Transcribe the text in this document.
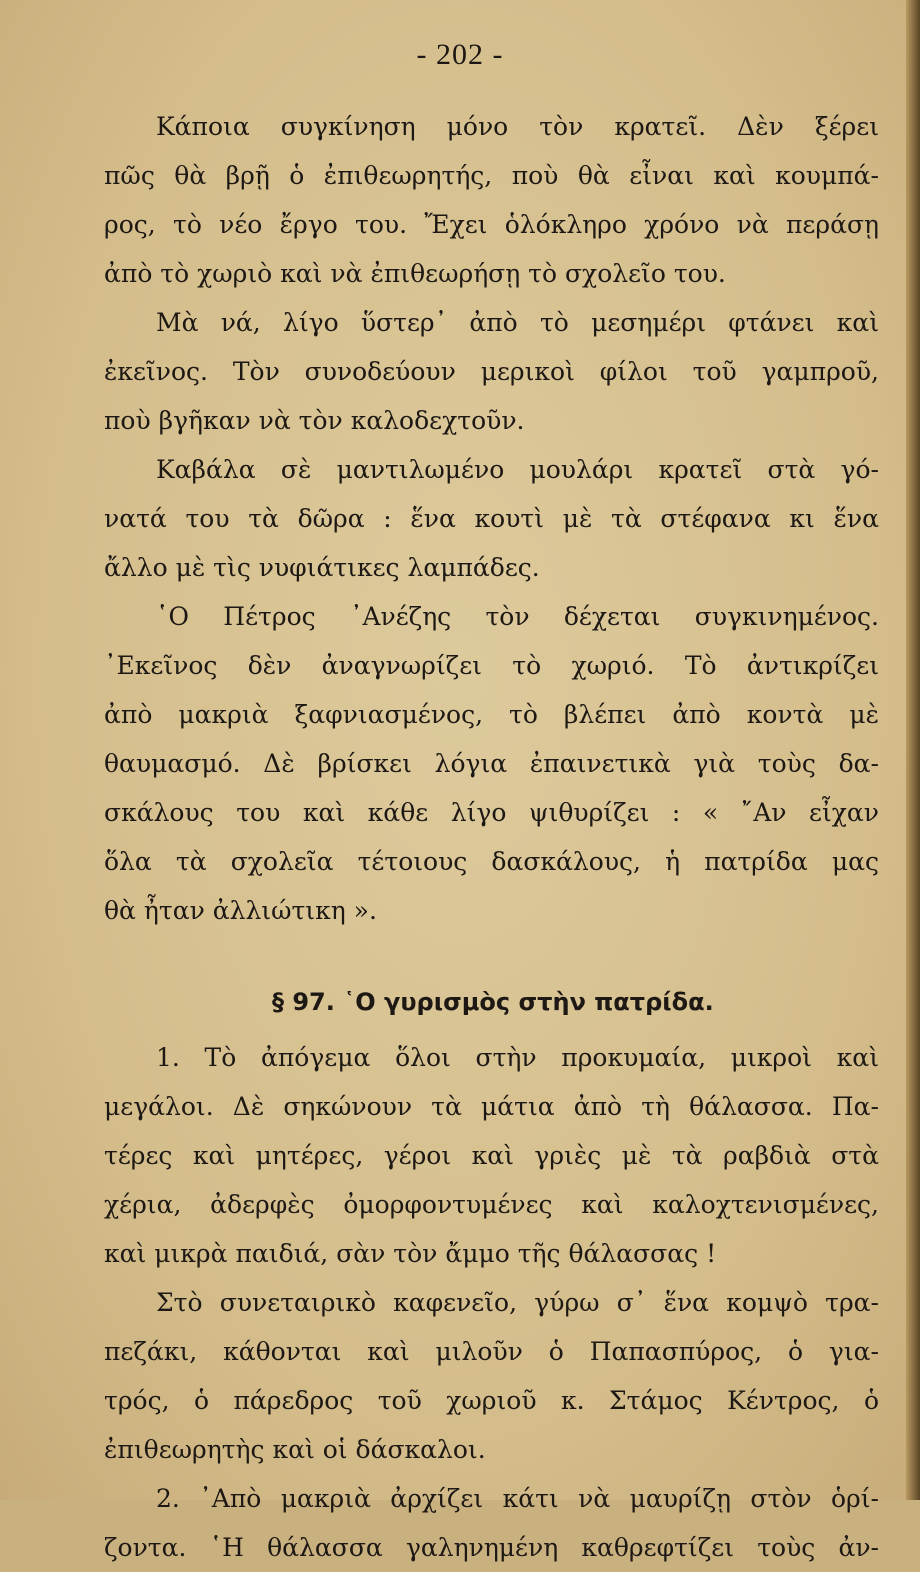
- 202 -
Κάποια συγκίνηση μόνο τὸν κρατεῖ. Δὲν ξέρει
πῶς θὰ βρῇ ὁ ἐπιθεωρητής, ποὺ θὰ εἶναι καὶ κουμπά-
ρος, τὸ νέο ἔργο του. Ἔχει ὁλόκληρο χρόνο νὰ περάσῃ
ἀπὸ τὸ χωριὸ καὶ νὰ ἐπιθεωρήσῃ τὸ σχολεῖο του.
Μὰ νά, λίγο ὕστερ᾽ ἀπὸ τὸ μεσημέρι φτάνει καὶ
ἐκεῖνος. Τὸν συνοδεύουν μερικοὶ φίλοι τοῦ γαμπροῦ,
ποὺ βγῆκαν νὰ τὸν καλοδεχτοῦν.
Καβάλα σὲ μαντιλωμένο μουλάρι κρατεῖ στὰ γό-
νατά του τὰ δῶρα : ἕνα κουτὶ μὲ τὰ στέφανα κι ἕνα
ἄλλο μὲ τὶς νυφιάτικες λαμπάδες.
῾Ο Πέτρος ᾽Ανέζης τὸν δέχεται συγκινημένος.
᾽Εκεῖνος δὲν ἀναγνωρίζει τὸ χωριό. Τὸ ἀντικρίζει
ἀπὸ μακριὰ ξαφνιασμένος, τὸ βλέπει ἀπὸ κοντὰ μὲ
θαυμασμό. Δὲ βρίσκει λόγια ἐπαινετικὰ γιὰ τοὺς δα-
σκάλους του καὶ κάθε λίγο ψιθυρίζει : « ῎Αν εἶχαν
ὅλα τὰ σχολεῖα τέτοιους δασκάλους, ἡ πατρίδα μας
θὰ ἦταν ἀλλιώτικη ».
§ 97. ῾Ο γυρισμὸς στὴν πατρίδα.
1. Τὸ ἀπόγεμα ὅλοι στὴν προκυμαία, μικροὶ καὶ
μεγάλοι. Δὲ σηκώνουν τὰ μάτια ἀπὸ τὴ θάλασσα. Πα-
τέρες καὶ μητέρες, γέροι καὶ γριὲς μὲ τὰ ραβδιὰ στὰ
χέρια, ἀδερφὲς ὀμορφοντυμένες καὶ καλοχτενισμένες,
καὶ μικρὰ παιδιά, σὰν τὸν ἄμμο τῆς θάλασσας !
Στὸ συνεταιρικὸ καφενεῖο, γύρω σ᾽ ἕνα κομψὸ τρα-
πεζάκι, κάθονται καὶ μιλοῦν ὁ Παπασπύρος, ὁ για-
τρός, ὁ πάρεδρος τοῦ χωριοῦ κ. Στάμος Κέντρος, ὁ
ἐπιθεωρητὴς καὶ οἱ δάσκαλοι.
2. ᾽Απὸ μακριὰ ἀρχίζει κάτι νὰ μαυρίζῃ στὸν ὁρί-
ζοντα. ῾Η θάλασσα γαληνημένη καθρεφτίζει τοὺς ἀν-
